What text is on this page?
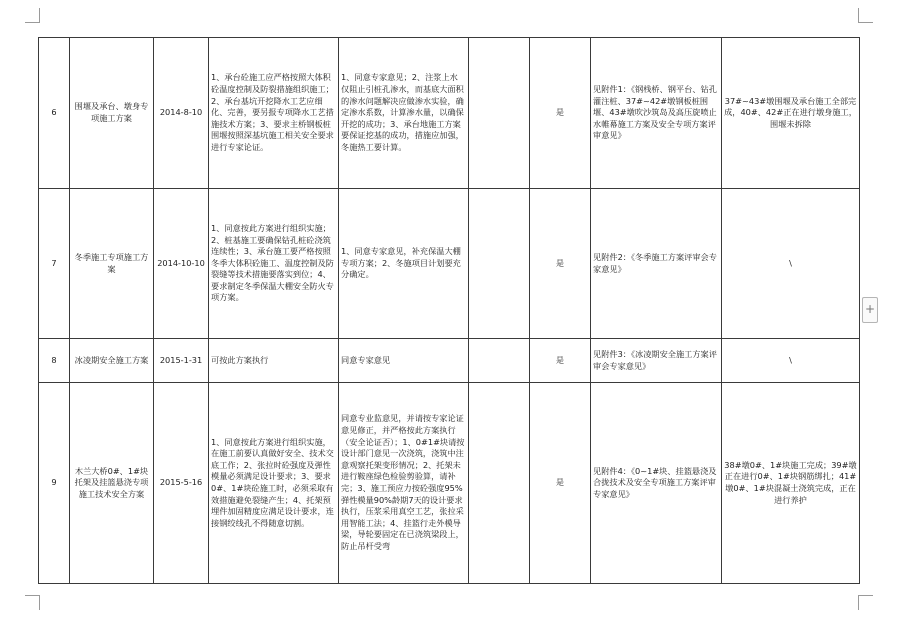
6	围堰及承台、墩身专项施工方案	2014-8-10	1、承台砼施工应严格按照大体积砼温度控制及防裂措施组织施工；2、承台基坑开挖降水工艺应细化、完善，要另报专项降水工艺措施技术方案；3、要求主桥钢板桩围堰按照深基坑施工相关安全要求进行专家论证。	1、同意专家意见；2、注浆上水仅阻止引桩孔渗水，而基底大面积的渗水问题解决应做渗水实验，确定渗水系数，计算渗水量，以确保开挖的成功；3、承台地施工方案要保证挖基的成功，措施应加强，冬施热工要计算。		是	见附件1：《钢栈桥、钢平台、钻孔灌注桩、37#~42#墩钢板桩围堰、43#墩吹沙筑岛及高压旋喷止水帷幕施工方案及安全专项方案评审意见》	37#~43#墩围堰及承台施工全部完成，40#、42#正在进行墩身施工，围堰未拆除
7	冬季施工专项施工方案	2014-10-10	1、同意按此方案进行组织实施；2、桩基施工要确保钻孔桩砼浇筑连续性；3、承台施工要严格按照冬季大体积砼施工、温度控制及防裂缝等技术措施要落实到位；4、要求制定冬季保温大棚安全防火专项方案。	1、同意专家意见，补充保温大棚专项方案；2、冬施项目计划要充分确定。		是	见附件2：《冬季施工方案评审会专家意见》	\
8	冰凌期安全施工方案	2015-1-31	可按此方案执行	同意专家意见		是	见附件3：《冰凌期安全施工方案评审会专家意见》	\
9	木兰大桥0#、1#块托架及挂篮悬浇专项施工技术安全方案	2015-5-16	1、同意按此方案进行组织实施，在施工前要认真做好安全、技术交底工作；2、张拉时砼强度及弹性模量必须满足设计要求；3、要求0#、1#块砼施工时，必须采取有效措施避免裂缝产生；4、托架预埋件加固精度应满足设计要求，连接钢绞线孔不得随意切割。	同意专业监意见，并请按专家论证意见修正，并严格按此方案执行（安全论证否）；1、0#1#块请按设计部门意见一次浇筑，浇筑中注意观察托架变形情况；2、托架未进行鞍座绿色检验剪验算，请补完；3、施工预应力按砼强度95%弹性模量90%龄期7天的设计要求执行，压浆采用真空工艺，张拉采用智能工法；4、挂篮行走外模导梁，导轮要固定在已浇筑梁段上，防止吊杆受弯		是	见附件4：《0~1#块、挂篮悬浇及合拢技术及安全专项施工方案评审专家意见》	38#墩0#、1#块施工完成；39#墩正在进行0#、1#块钢筋绑扎；41#墩0#、1#块混凝土浇筑完成，正在进行养护
+
